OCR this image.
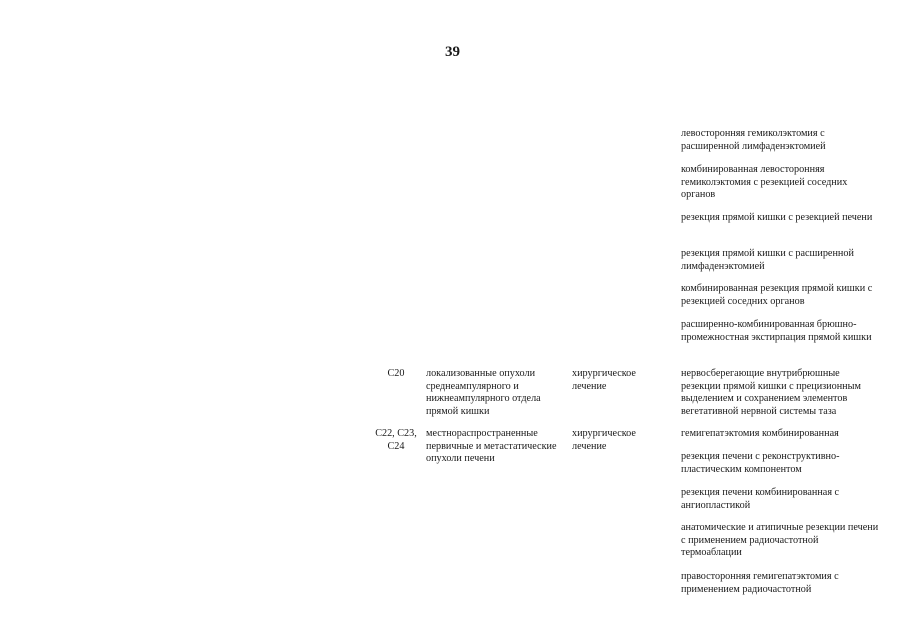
39
C20	локализованные опухоли среднеампулярного и нижнеампулярного отдела прямой кишки
хирургическое лечение
C22, C23,
C24
местнораспространенные первичные и метастатические опухоли печени
хирургическое лечение
левосторонняя гемиколэктомия с расширенной лимфаденэктомией
комбинированная левосторонняя гемиколэктомия с резекцией соседних органов
резекция прямой кишки с резекцией печени
резекция прямой кишки с расширенной лимфаденэктомией
комбинированная резекция прямой кишки с резекцией соседних органов
расширенно-комбинированная брюшно-промежностная экстирпация прямой кишки
нервосберегающие внутрибрюшные резекции прямой кишки с прецизионным выделением и сохранением элементов вегетативной нервной системы таза
гемигепатэктомия комбинированная
резекция печени с реконструктивно-пластическим компонентом
резекция печени комбинированная с ангиопластикой
анатомические и атипичные резекции печени с применением радиочастотной термоаблации
правосторонняя гемигепатэктомия с применением радиочастотной
